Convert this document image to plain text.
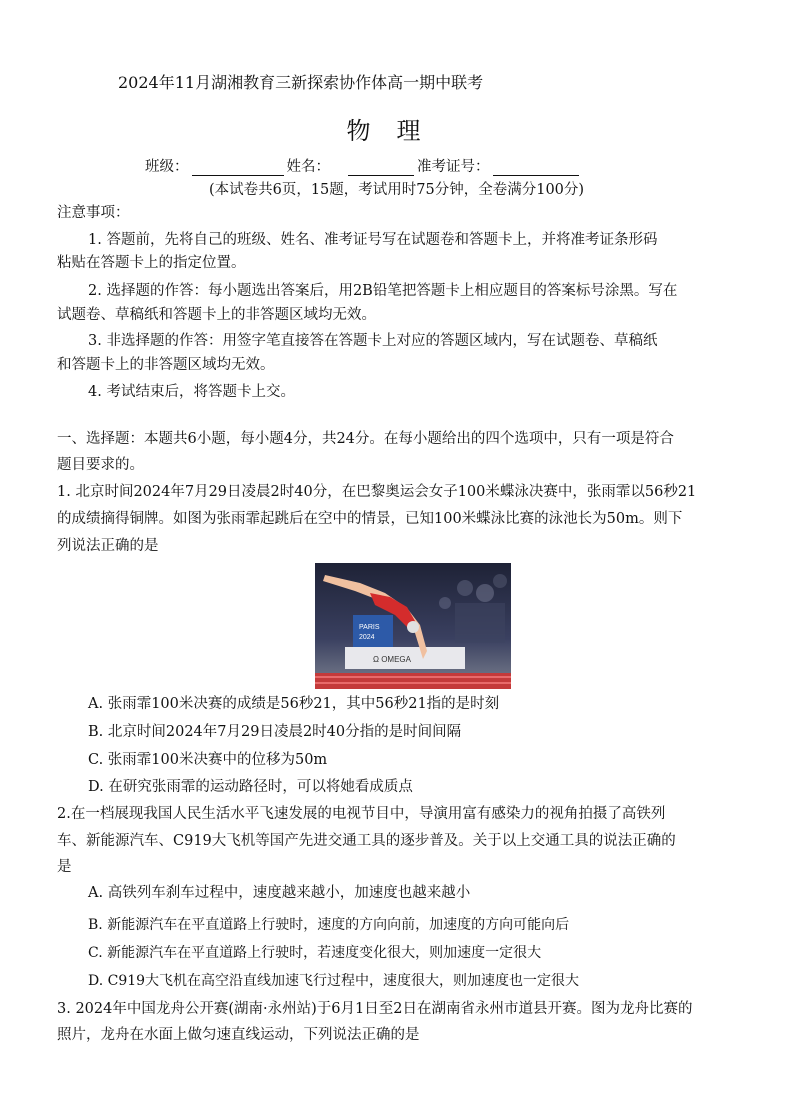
2024年11月湖湘教育三新探索协作体高一期中联考
物理
班级：	姓名：	准考证号：
(本试卷共6页，15题，考试用时75分钟，全卷满分100分)
注意事项：
1. 答题前，先将自己的班级、姓名、准考证号写在试题卷和答题卡上，并将准考证条形码
粘贴在答题卡上的指定位置。
2. 选择题的作答：每小题选出答案后，用2B铅笔把答题卡上相应题目的答案标号涂黑。写在
试题卷、草稿纸和答题卡上的非答题区域均无效。
3. 非选择题的作答：用签字笔直接答在答题卡上对应的答题区域内，写在试题卷、草稿纸
和答题卡上的非答题区域均无效。
4. 考试结束后，将答题卡上交。
一、选择题：本题共6小题，每小题4分，共24分。在每小题给出的四个选项中，只有一项是符合
题目要求的。
1. 北京时间2024年7月29日凌晨2时40分，在巴黎奥运会女子100米蝶泳决赛中，张雨霏以56秒21
的成绩摘得铜牌。如图为张雨霏起跳后在空中的情景，已知100米蝶泳比赛的泳池长为50m。则下
列说法正确的是
PARIS
2024
Ω OMEGA
A. 张雨霏100米决赛的成绩是56秒21，其中56秒21指的是时刻
B. 北京时间2024年7月29日凌晨2时40分指的是时间间隔
C. 张雨霏100米决赛中的位移为50m
D. 在研究张雨霏的运动路径时，可以将她看成质点
2.在一档展现我国人民生活水平飞速发展的电视节目中，导演用富有感染力的视角拍摄了高铁列
车、新能源汽车、C919大飞机等国产先进交通工具的逐步普及。关于以上交通工具的说法正确的
是
A. 高铁列车刹车过程中，速度越来越小，加速度也越来越小
B. 新能源汽车在平直道路上行驶时，速度的方向向前，加速度的方向可能向后
C. 新能源汽车在平直道路上行驶时，若速度变化很大，则加速度一定很大
D. C919大飞机在高空沿直线加速飞行过程中，速度很大，则加速度也一定很大
3. 2024年中国龙舟公开赛(湖南·永州站)于6月1日至2日在湖南省永州市道县开赛。图为龙舟比赛的
照片，龙舟在水面上做匀速直线运动，下列说法正确的是
